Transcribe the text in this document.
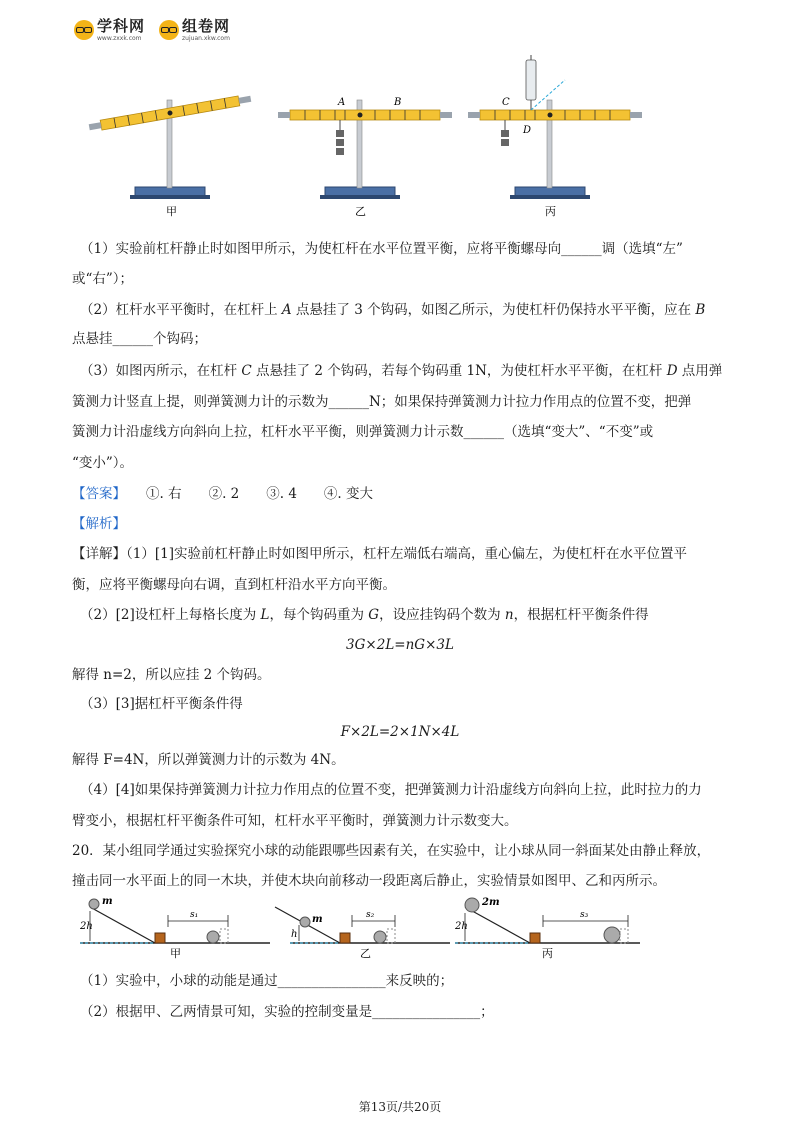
学科网
www.zxxk.com
组卷网
zujuan.xkw.com
A	B	C
D
甲	乙	丙
（1）实验前杠杆静止时如图甲所示，为使杠杆在水平位置平衡，应将平衡螺母向______调（选填“左”
或“右”）；
（2）杠杆水平平衡时，在杠杆上 A 点悬挂了 3 个钩码，如图乙所示，为使杠杆仍保持水平平衡，应在 B
点悬挂______个钩码；
（3）如图丙所示，在杠杆 C 点悬挂了 2 个钩码，若每个钩码重 1N，为使杠杆水平平衡，在杠杆 D 点用弹
簧测力计竖直上提，则弹簧测力计的示数为______N；如果保持弹簧测力计拉力作用点的位置不变，把弹
簧测力计沿虚线方向斜向上拉，杠杆水平平衡，则弹簧测力计示数______（选填“变大”、“不变”或
“变小”）。
【答案】 ①. 右　　②. 2　　③. 4　　④. 变大
【解析】
【详解】（1）[1]实验前杠杆静止时如图甲所示，杠杆左端低右端高，重心偏左，为使杠杆在水平位置平
衡，应将平衡螺母向右调，直到杠杆沿水平方向平衡。
（2）[2]设杠杆上每格长度为 L，每个钩码重为 G，设应挂钩码个数为 n，根据杠杆平衡条件得
3G×2L=nG×3L
解得 n=2，所以应挂 2 个钩码。
（3）[3]据杠杆平衡条件得
F×2L=2×1N×4L
解得 F=4N，所以弹簧测力计的示数为 4N。
（4）[4]如果保持弹簧测力计拉力作用点的位置不变，把弹簧测力计沿虚线方向斜向上拉，此时拉力的力
臂变小，根据杠杆平衡条件可知，杠杆水平平衡时，弹簧测力计示数变大。
20．某小组同学通过实验探究小球的动能跟哪些因素有关，在实验中，让小球从同一斜面某处由静止释放，
撞击同一水平面上的同一木块，并使木块向前移动一段距离后静止，实验情景如图甲、乙和丙所示。
m
2h
s₁
甲
m
h
s₂
乙
2m
2h
s₃
丙
（1）实验中，小球的动能是通过________________来反映的；
（2）根据甲、乙两情景可知，实验的控制变量是________________；
第13页/共20页
